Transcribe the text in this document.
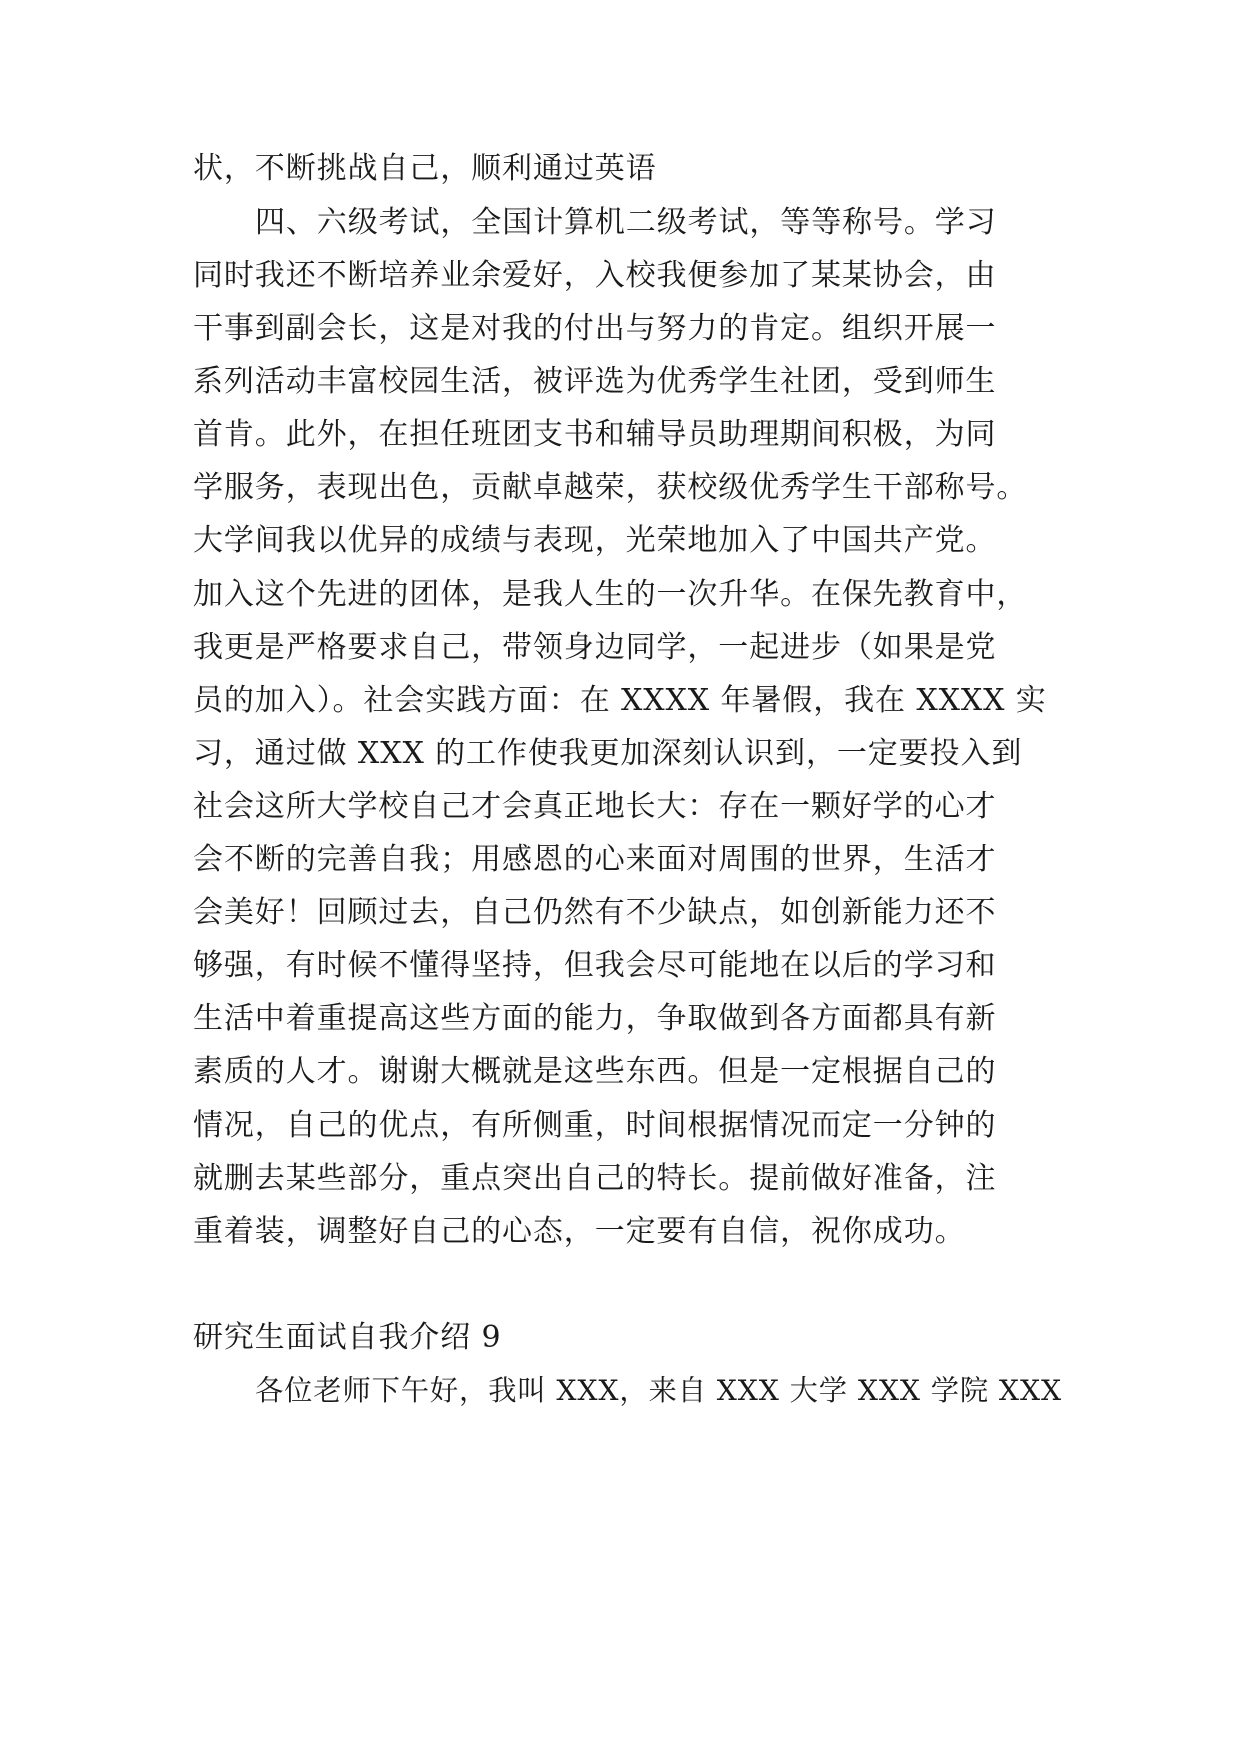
状，不断挑战自己，顺利通过英语

四、六级考试，全国计算机二级考试，等等称号。学习

同时我还不断培养业余爱好，入校我便参加了某某协会，由

干事到副会长，这是对我的付出与努力的肯定。组织开展一

系列活动丰富校园生活，被评选为优秀学生社团，受到师生

首肯。此外，在担任班团支书和辅导员助理期间积极，为同

学服务，表现出色，贡献卓越荣，获校级优秀学生干部称号。

大学间我以优异的成绩与表现，光荣地加入了中国共产党。

加入这个先进的团体，是我人生的一次升华。在保先教育中，

我更是严格要求自己，带领身边同学，一起进步（如果是党

员的加入）。社会实践方面：在 XXXX 年暑假，我在 XXXX 实

习，通过做 XXX 的工作使我更加深刻认识到，一定要投入到

社会这所大学校自己才会真正地长大：存在一颗好学的心才

会不断的完善自我；用感恩的心来面对周围的世界，生活才

会美好！回顾过去，自己仍然有不少缺点，如创新能力还不

够强，有时候不懂得坚持，但我会尽可能地在以后的学习和

生活中着重提高这些方面的能力，争取做到各方面都具有新

素质的人才。谢谢大概就是这些东西。但是一定根据自己的

情况，自己的优点，有所侧重，时间根据情况而定一分钟的

就删去某些部分，重点突出自己的特长。提前做好准备，注

重着装，调整好自己的心态，一定要有自信，祝你成功。

研究生面试自我介绍 9

各位老师下午好，我叫 XXX，来自 XXX 大学 XXX 学院 XXX
